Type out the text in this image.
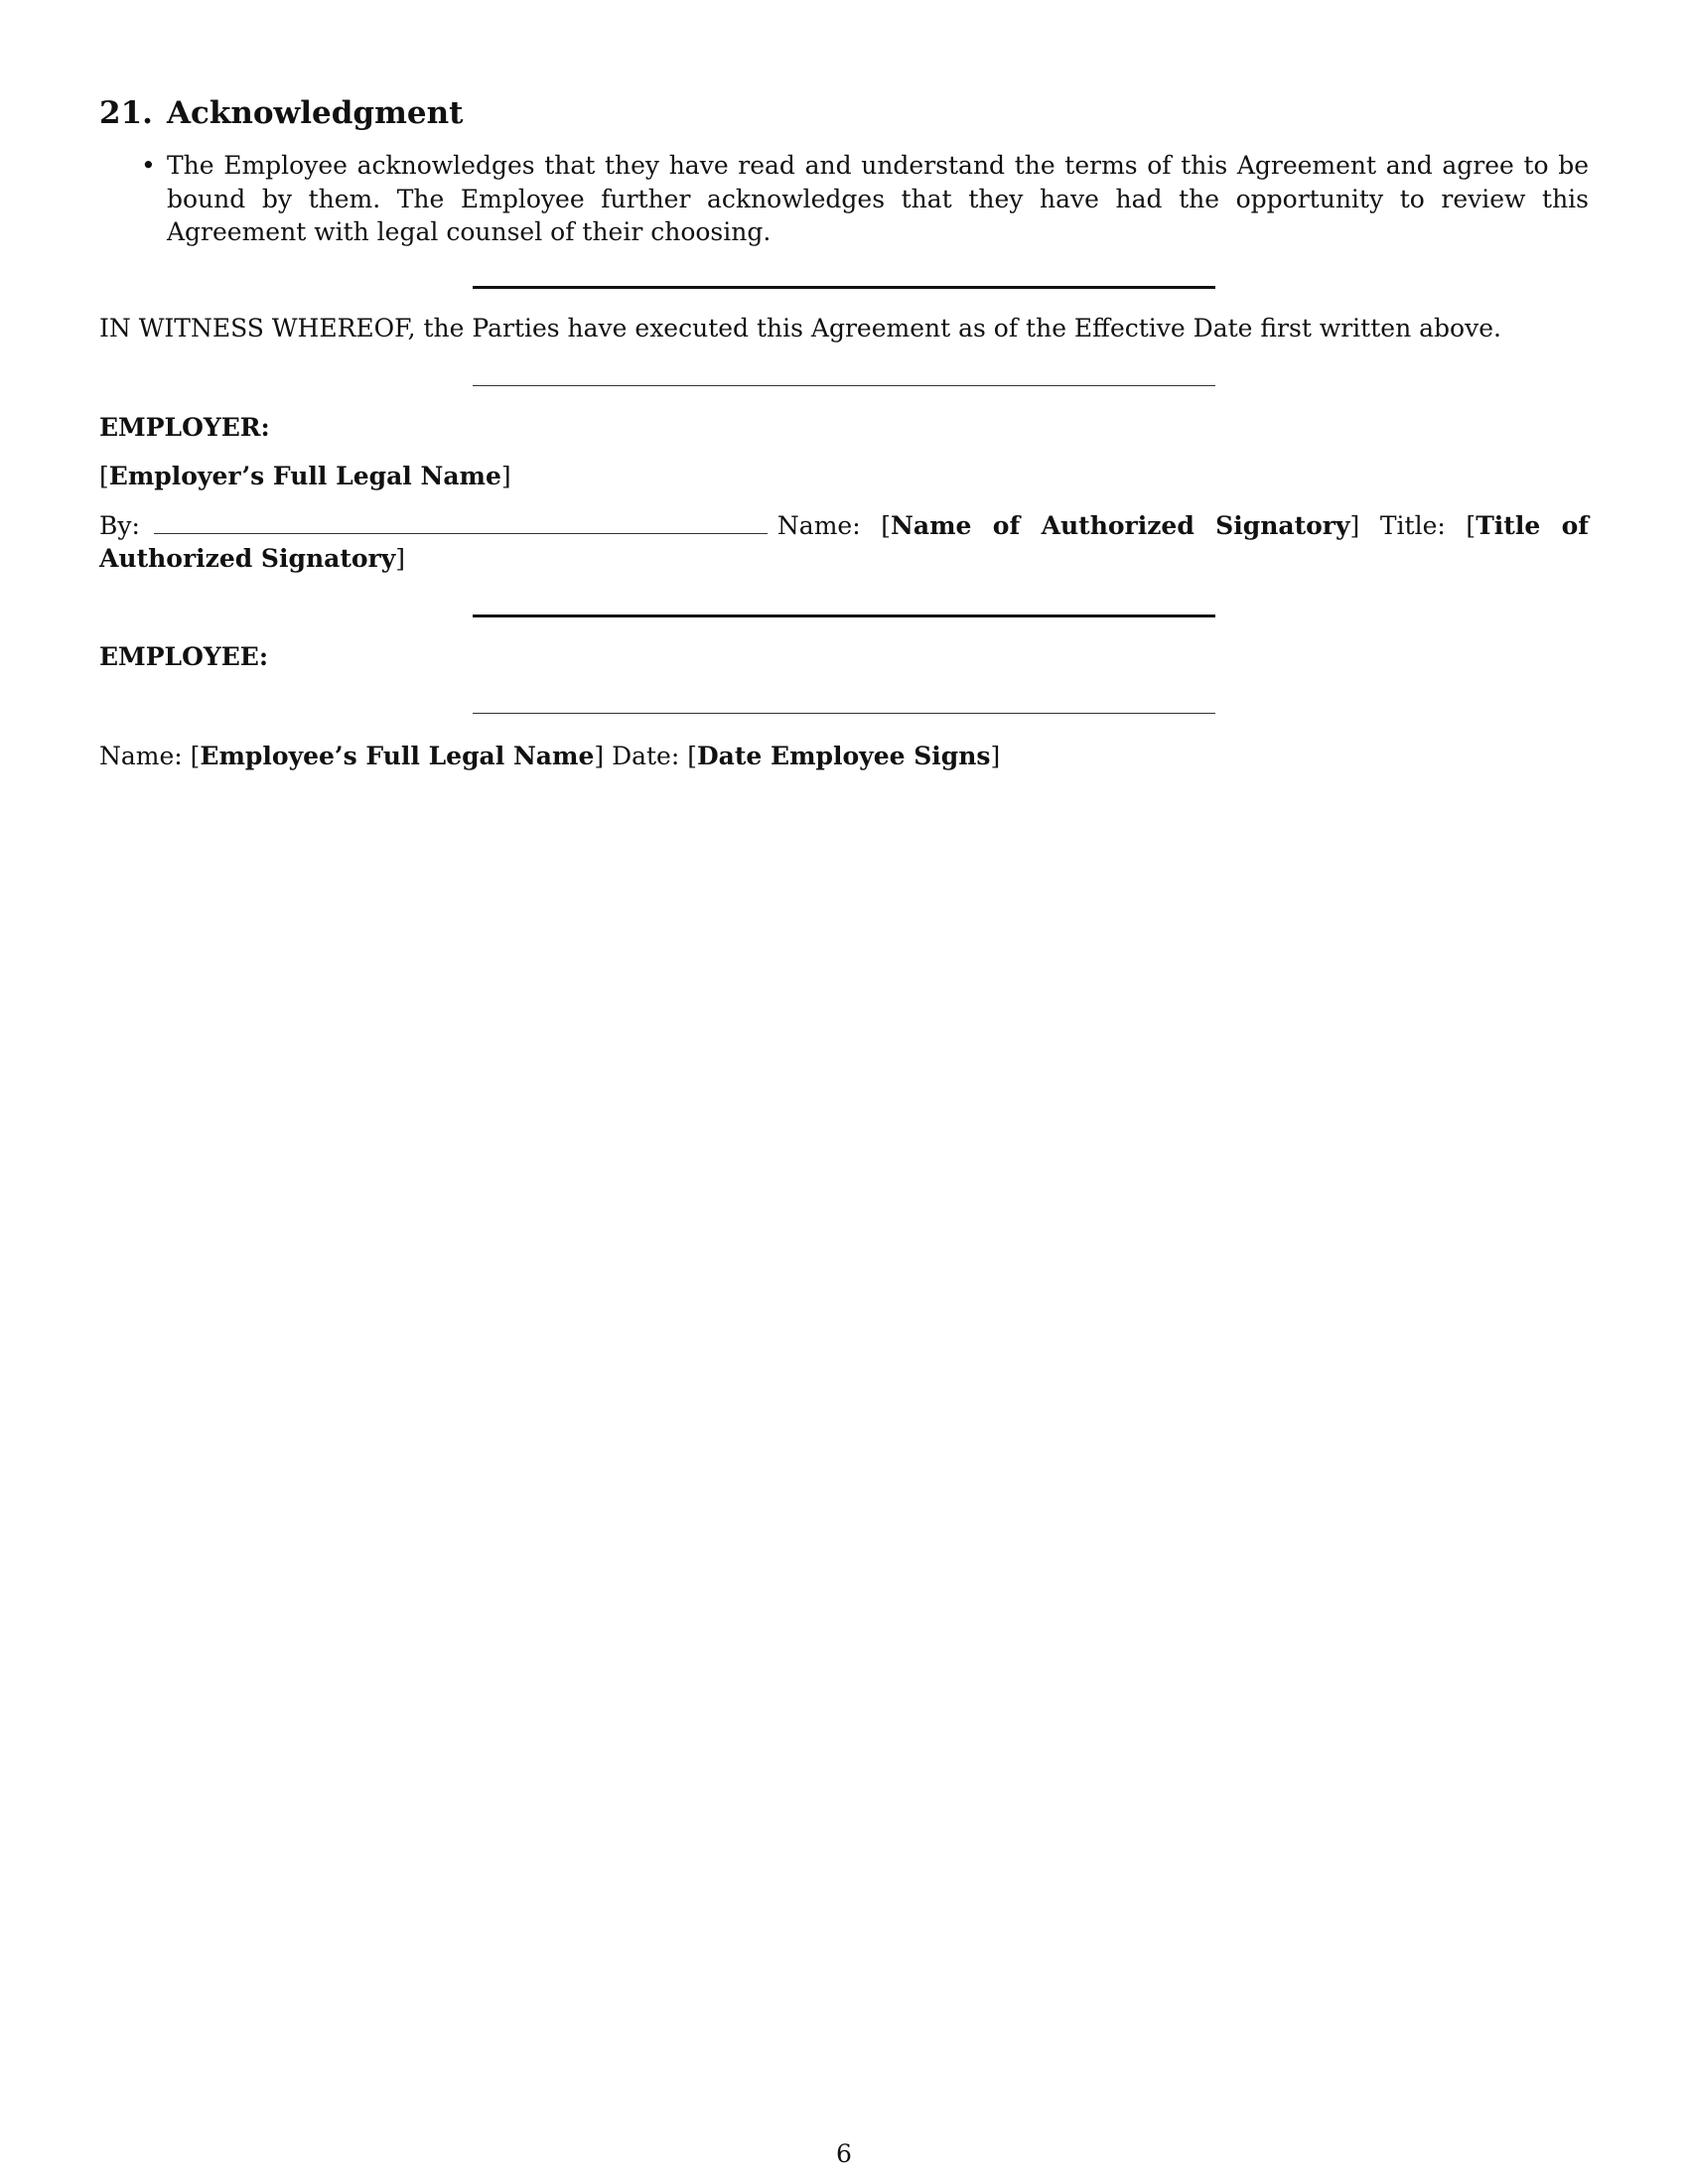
21. Acknowledgment
• The Employee acknowledges that they have read and understand the terms of this Agreement and agree to be bound by them. The Employee further acknowledges that they have had the opportunity to review this Agreement with legal counsel of their choosing.
IN WITNESS WHEREOF, the Parties have executed this Agreement as of the Effective Date first written above.
EMPLOYER:
[Employer’s Full Legal Name]
By:	Name: [Name of Authorized Signatory] Title: [Title of Authorized Signatory]
EMPLOYEE:
Name: [Employee’s Full Legal Name] Date: [Date Employee Signs]
6
